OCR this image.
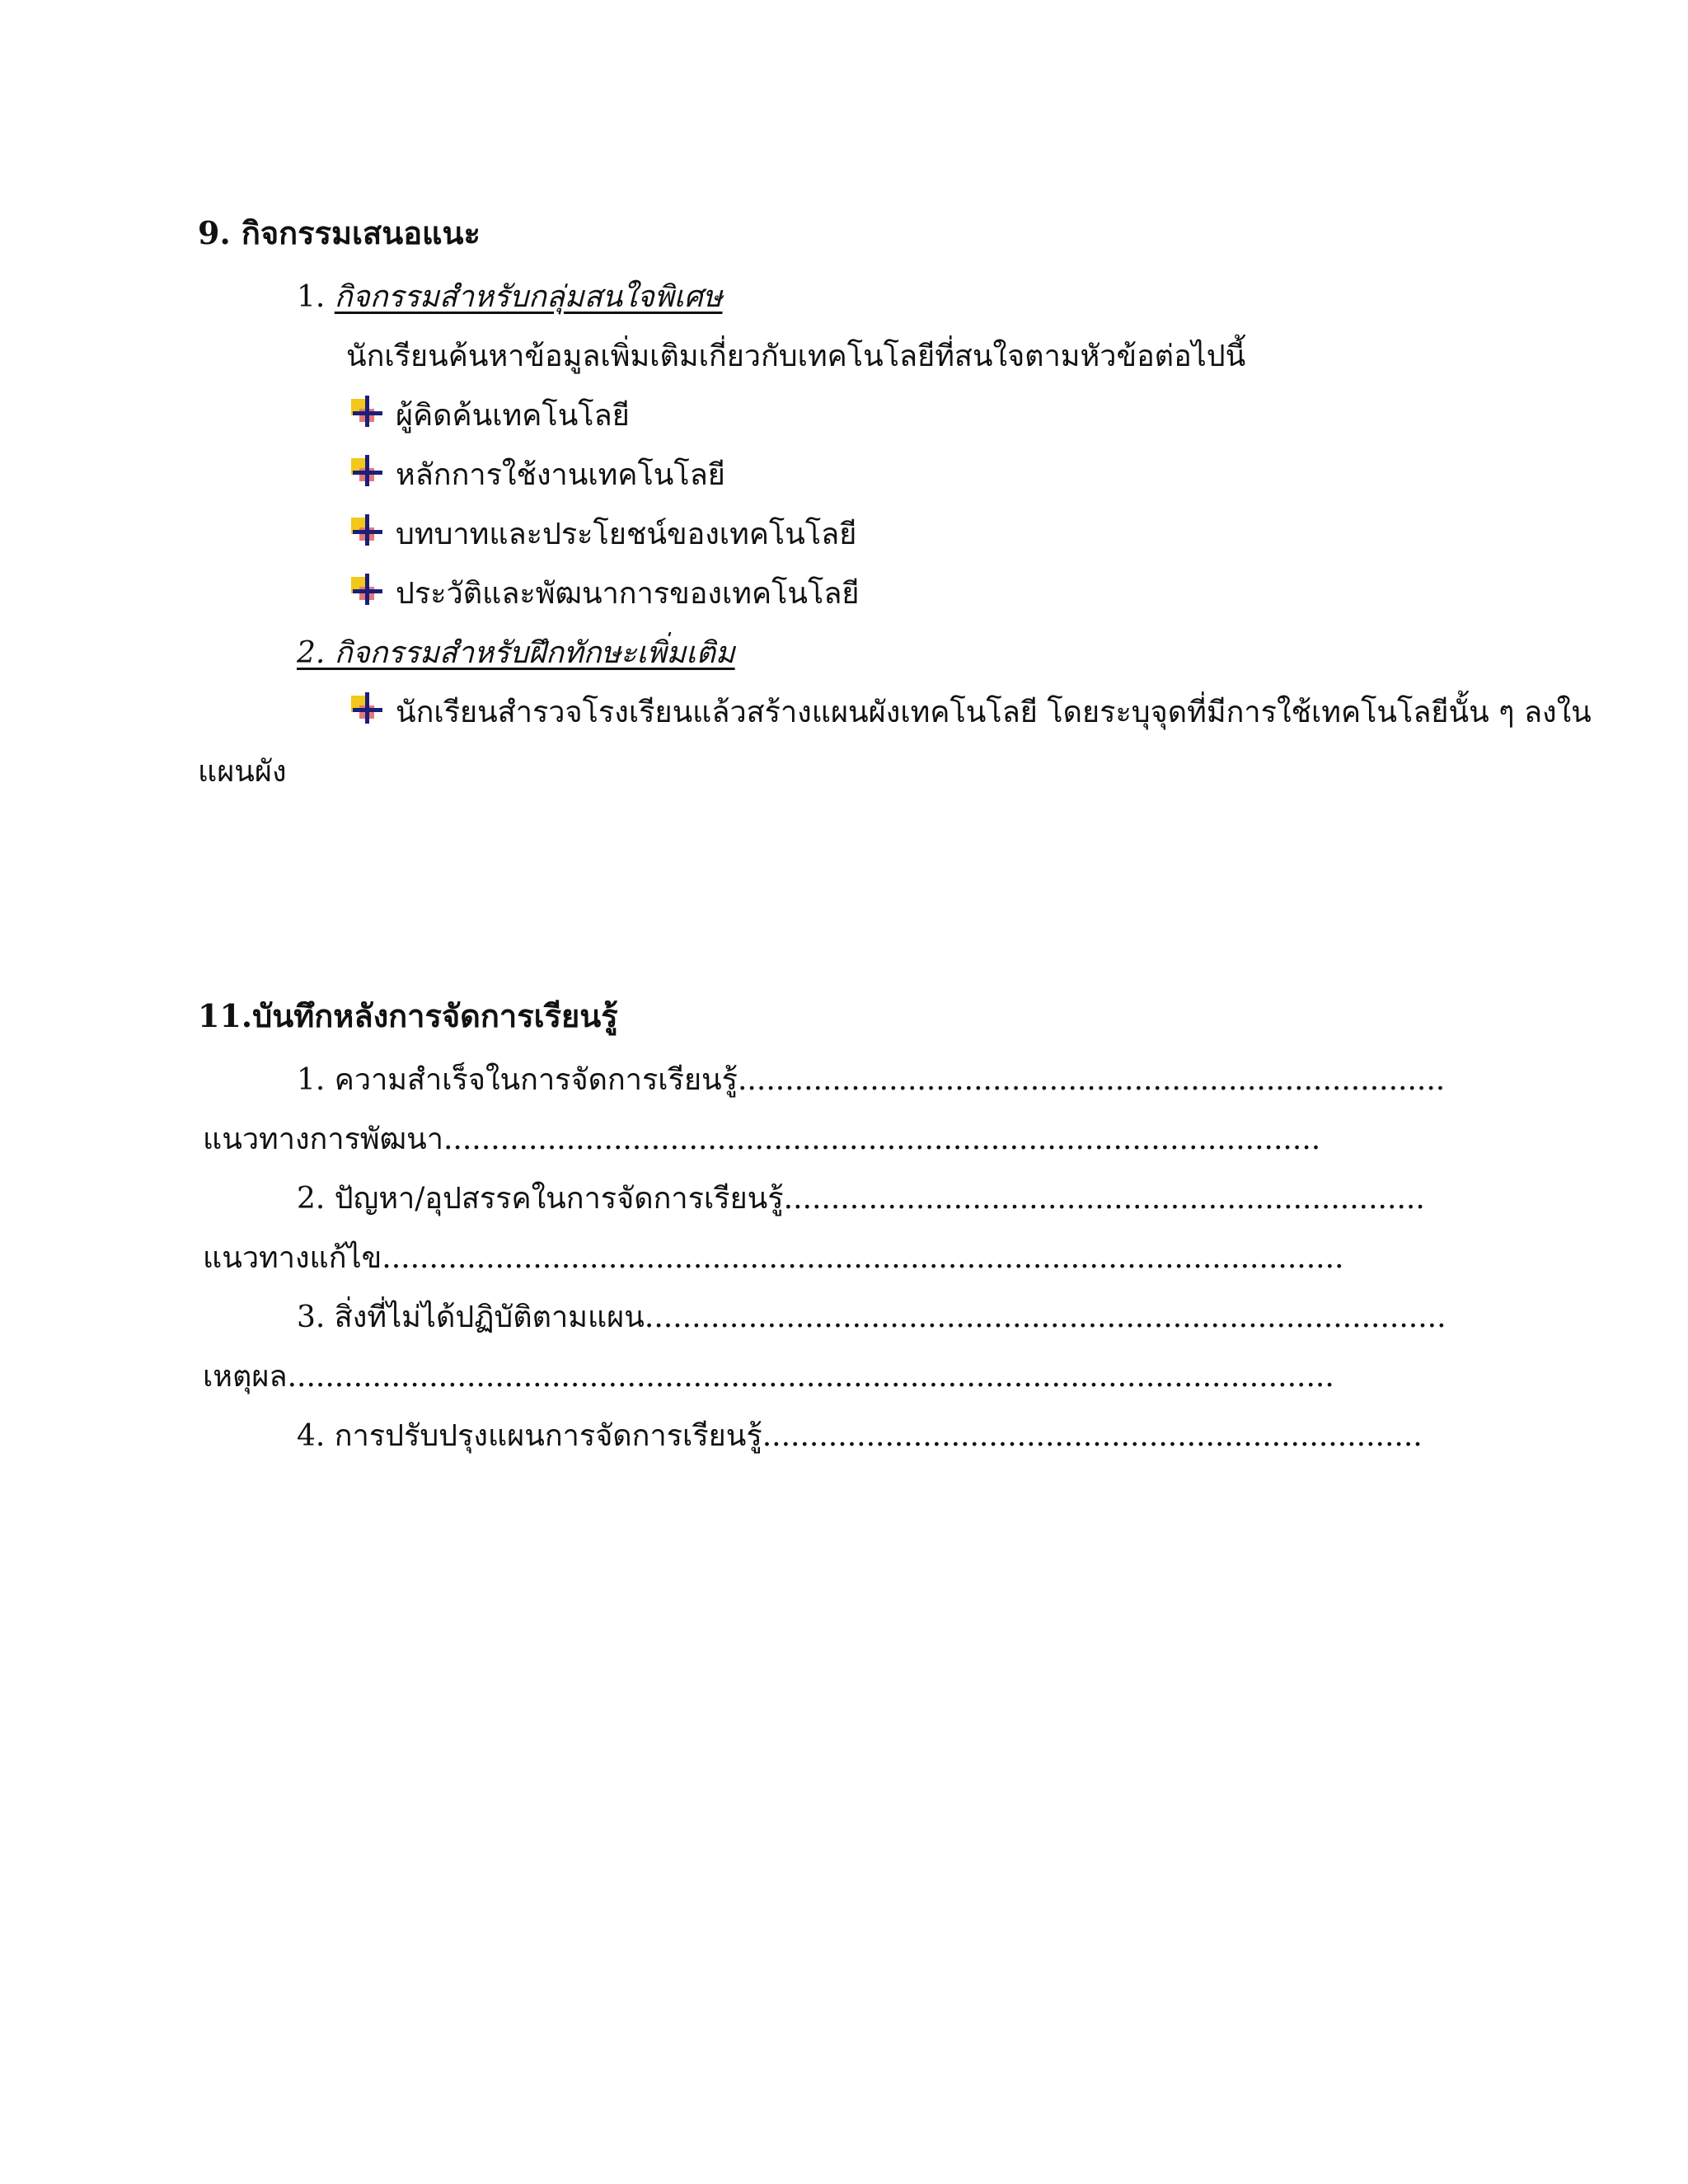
9. กิจกรรมเสนอแนะ
1. กิจกรรมสำหรับกลุ่มสนใจพิเศษ
นักเรียนค้นหาข้อมูลเพิ่มเติมเกี่ยวกับเทคโนโลยีที่สนใจตามหัวข้อต่อไปนี้
ผู้คิดค้นเทคโนโลยี
หลักการใช้งานเทคโนโลยี
บทบาทและประโยชน์ของเทคโนโลยี
ประวัติและพัฒนาการของเทคโนโลยี
2. กิจกรรมสำหรับฝึกทักษะเพิ่มเติม
นักเรียนสำรวจโรงเรียนแล้วสร้างแผนผังเทคโนโลยี โดยระบุจุดที่มีการใช้เทคโนโลยีนั้น ๆ ลงใน
แผนผัง
11.บันทึกหลังการจัดการเรียนรู้
1. ความสำเร็จในการจัดการเรียนรู้...........................................................................
แนวทางการพัฒนา.............................................................................................
2. ปัญหา/อุปสรรคในการจัดการเรียนรู้....................................................................
แนวทางแก้ไข......................................................................................................
3. สิ่งที่ไม่ได้ปฏิบัติตามแผน.....................................................................................
เหตุผล...............................................................................................................
4. การปรับปรุงแผนการจัดการเรียนรู้......................................................................
